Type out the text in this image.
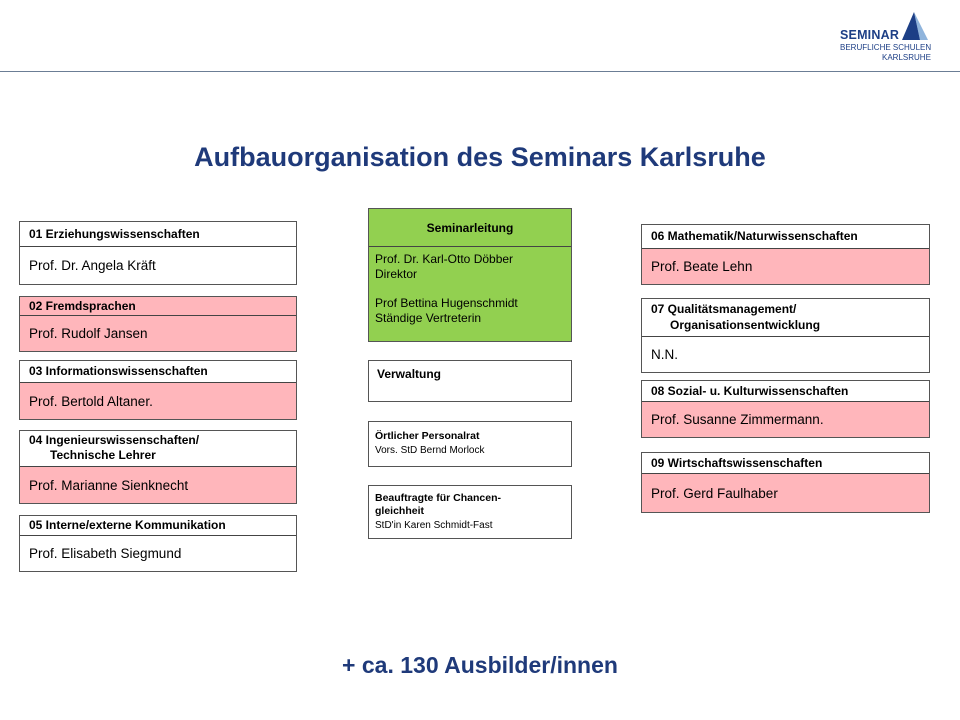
SEMINAR
BERUFLICHE SCHULEN
KARLSRUHE
Aufbauorganisation des Seminars Karlsruhe
01 Erziehungswissenschaften
Prof. Dr. Angela Kräft
02 Fremdsprachen
Prof. Rudolf Jansen
03 Informationswissenschaften
Prof. Bertold Altaner.
04 Ingenieurswissenschaften/
Technische Lehrer
Prof. Marianne Sienknecht
05 Interne/externe Kommunikation
Prof. Elisabeth Siegmund
Seminarleitung
Prof. Dr. Karl-Otto Döbber
Direktor
Prof Bettina Hugenschmidt
Ständige Vertreterin
Verwaltung
Örtlicher Personalrat
Vors. StD Bernd Morlock
Beauftragte für Chancen-
gleichheit
StD'in Karen Schmidt-Fast
06 Mathematik/Naturwissenschaften
Prof. Beate Lehn
07 Qualitätsmanagement/
Organisationsentwicklung
N.N.
08 Sozial- u. Kulturwissenschaften
Prof. Susanne Zimmermann.
09 Wirtschaftswissenschaften
Prof. Gerd Faulhaber
+ ca. 130 Ausbilder/innen
